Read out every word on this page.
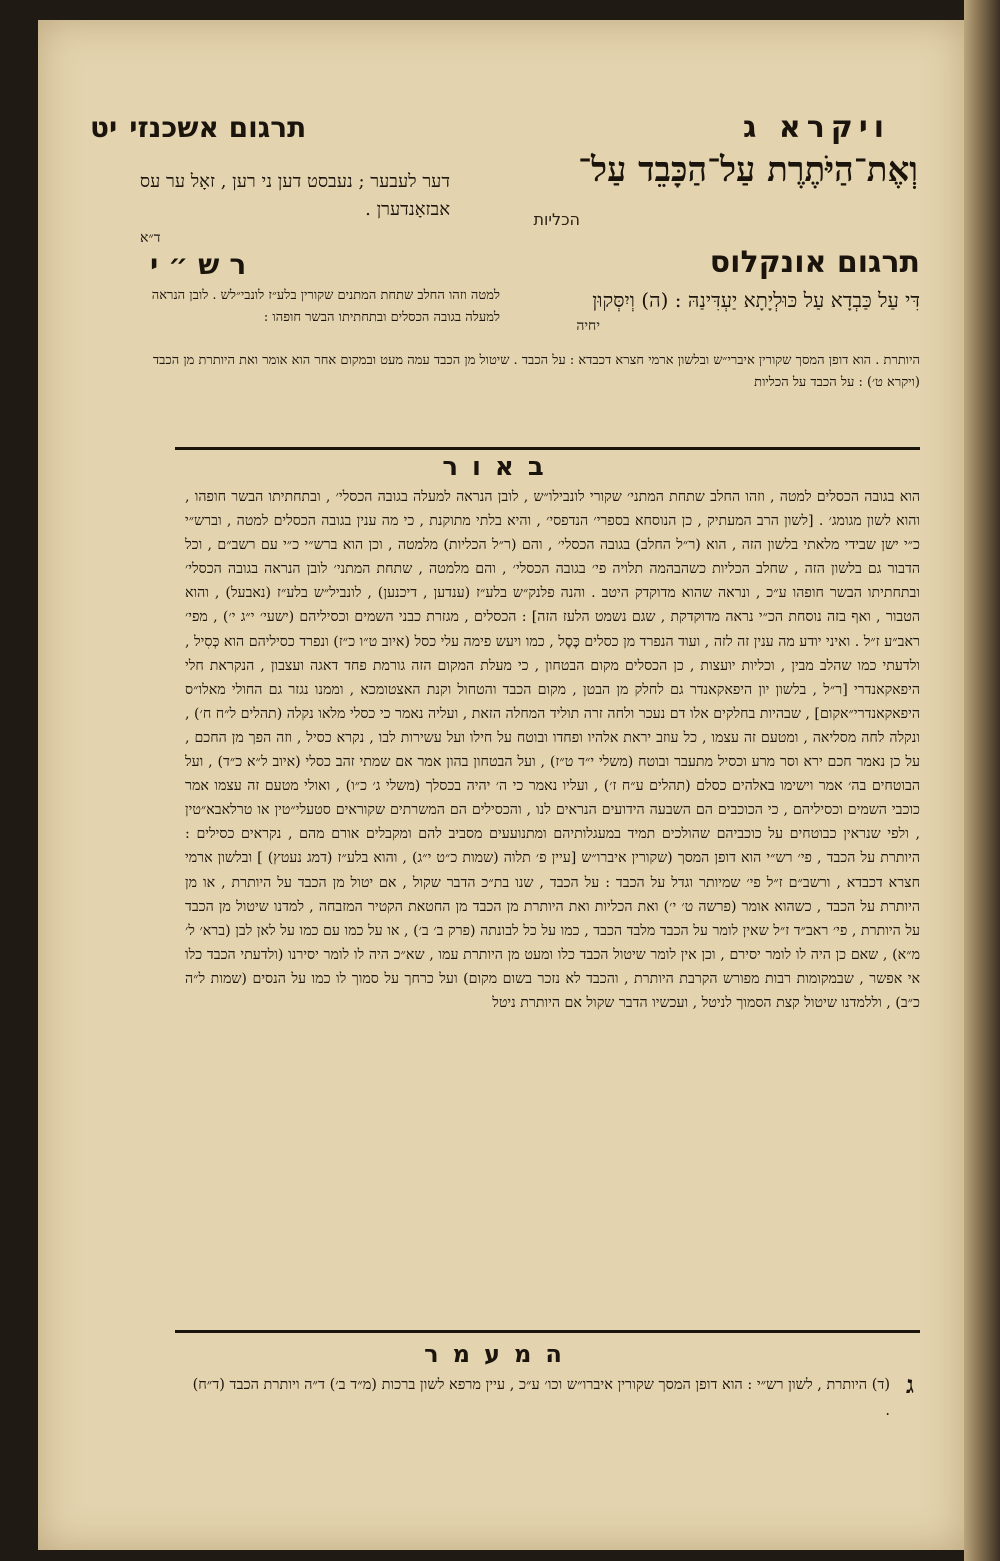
תרגום אשכנזייט	ויקרא ג
וְאֶת־הַיֹּתֶרֶת עַל־הַכָּבֵד עַל־
הכליות
דער לעבער ; נעבסט דען ני רען , זאָל ער עס אבזאָנדערן .
ד״א
תרגום אונקלוס
רש״י
דִּי עַל כַּבְדָא עַל כּוּלְיָתָא יַעְדִּינַהּ : (ה) וְיִסְּקוּן
יחיה
למטה וזהו החלב שתחת המתנים שקורין בלע״ז לונבי״לש . לובן הנראה למעלה בגובה הכסלים ובתחתיתו הבשר חופהו :
היותרת . הוא דופן המסך שקורין איברי״ש ובלשון ארמי חצרא דכבדא : על הכבד . שיטול מן הכבד עמה מעט ובמקום אחר הוא אומר ואת היותרת מן הכבד (ויקרא ט׳) : על הכבד על הכליות
באור
הוא בגובה הכסלים למטה , וזהו החלב שתחת המתני׳ שקורי לונבילו״ש , לובן הנראה למעלה בגובה הכסלי׳ , ובתחתיתו הבשר חופהו , והוא לשון מגומג׳ . [לשון הרב המעתיק , כן הנוסחא בספרי׳ הנדפסי׳ , והיא בלתי מתוקנת , כי מה ענין בגובה הכסלים למטה , וברש״י כ״י ישן שבידי מלאתי בלשון הזה , הוא (ר״ל החלב) בגובה הכסלי׳ , והם (ר״ל הכליות) מלמטה , וכן הוא ברש״י כ״י עם רשב״ם , וכל הדבור גם בלשון הזה , שחלב הכליות כשהבהמה תלויה פי׳ בגובה הכסלי׳ , והם מלמטה , שתחת המתני׳ לובן הנראה בגובה הכסלי׳ ובתחתיתו הבשר חופהו ע״כ , ונראה שהוא מדוקדק היטב . והנה פלנק״ש בלע״ז (ענדען , דיכנען) , לונביל״ש בלע״ז (נאבעל) , והוא הטבור , ואף בזה נוסחת הכ״י נראה מדוקדקת , שגם נשמט הלעז הזה] : הכסלים , מגזרת כבני השמים וכסיליהם (ישעי׳ י״ג י׳) , מפי׳ ראב״ע ז״ל . ואיני יודע מה ענין זה לזה , ועוד הנפרד מן כסלים כֶּסֶל , כמו ויעש פימה עלי כסל (איוב ט״ו כ״ז) ונפרד כסיליהם הוא כְּסִיל , ולדעתי כמו שהלב מבין , וכליות יועצות , כן הכסלים מקום הבטחון , כי מעלת המקום הזה גורמת פחד דאגה ועצבון , הנקראת חלי היפאקאנדרי [ר״ל , בלשון יון היפאקאנדר גם לחלק מן הבטן , מקום הכבד והטחול וקנת האצטומכא , וממנו נגזר גם החולי מאלו״ס היפאקאנדרי״אקום] , שבהיות בחלקים אלו דם נעכר ולחה זרה תוליד המחלה הזאת , ועליה נאמר כי כסלי מלאו נקלה (תהלים ל״ח ח׳) , ונקלה לחה מסליאה , ומטעם זה עצמו , כל עוזב יראת אלהיו ופחדו ובוטח על חילו ועל עשירות לבו , נקרא כסיל , וזה הפך מן החכם , על כן נאמר חכם ירא וסר מרע וכסיל מתעבר ובוטח (משלי י״ד ט״ז) , ועל הבטחון בהון אמר אם שמתי זהב כסלי (איוב ל״א כ״ד) , ועל הבוטחים בה׳ אמר וישימו באלהים כסלם (תהלים ע״ח ז׳) , ועליו נאמר כי ה׳ יהיה בכסלך (משלי ג׳ כ״ו) , ואולי מטעם זה עצמו אמר כוכבי השמים וכסיליהם , כי הכוכבים הם השבעה הידועים הנראים לנו , והכסילים הם המשרתים שקוראים סטעלי״טין או טרלאבא״טין , ולפי שנראין כבוטחים על כוכביהם שהולכים תמיד במעגלותיהם ומתנועעים מסביב להם ומקבלים אורם מהם , נקראים כסילים : היותרת על הכבד , פי׳ רש״י הוא דופן המסך (שקורין איברו״ש [עיין פ׳ תלוה (שמות כ״ט י״ג) , והוא בלע״ז (דמג נעטץ) ] ובלשון ארמי חצרא דכבדא , ורשב״ם ז״ל פי׳ שמיותר וגדל על הכבד : על הכבד , שנו בת״כ הדבר שקול , אם יטול מן הכבד על היותרת , או מן היותרת על הכבד , כשהוא אומר (פרשה ט׳ י׳) ואת הכליות ואת היותרת מן הכבד מן החטאת הקטיר המזבחה , למדנו שיטול מן הכבד על היותרת , פי׳ ראב״ד ז״ל שאין לומר על הכבד מלבד הכבד , כמו על כל לבונתה (פרק ב׳ ב׳) , או על כמו עם כמו על לאן לבן (ברא׳ ל׳ מ״א) , שאם כן היה לו לומר יסירם , וכן אין לומר שיטול הכבד כלו ומעט מן היותרת עמו , שא״כ היה לו לומר יסירנו (ולדעתי הכבד כלו אי אפשר , שבמקומות רבות מפורש הקרבת היותרת , והכבד לא נזכר בשום מקום) ועל כרחך על סמוך לו כמו על הנסים (שמות ל״ה כ״ב) , וללמדנו שיטול קצת הסמוך לניטל , ועכשיו הדבר שקול אם היותרת ניטל
המעמר
ג
(ד) היותרת , לשון רש״י : הוא דופן המסך שקורין איברו״ש וכו׳ ע״כ , עיין מרפא לשון ברכות (מ״ד ב׳) ד״ה ויותרת הכבד (ד״ח) .
